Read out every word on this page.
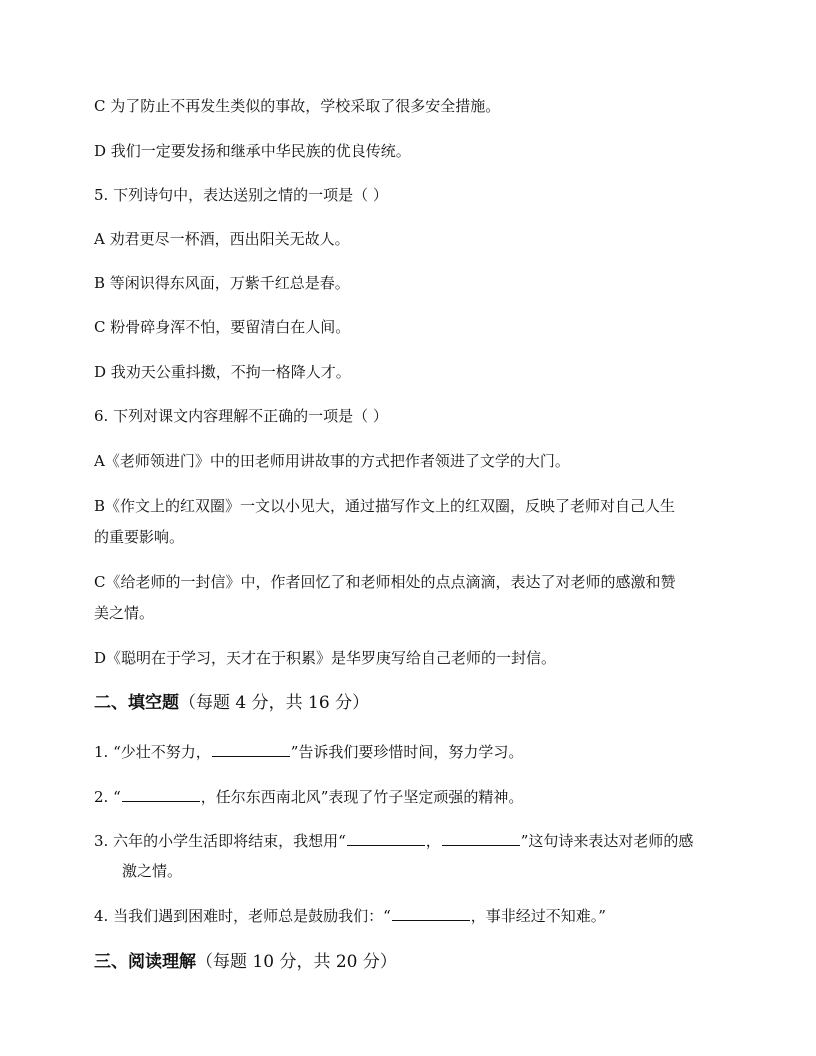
C 为了防止不再发生类似的事故，学校采取了很多安全措施。
D 我们一定要发扬和继承中华民族的优良传统。
5. 下列诗句中，表达送别之情的一项是（ ）
A 劝君更尽一杯酒，西出阳关无故人。
B 等闲识得东风面，万紫千红总是春。
C 粉骨碎身浑不怕，要留清白在人间。
D 我劝天公重抖擞，不拘一格降人才。
6. 下列对课文内容理解不正确的一项是（ ）
A《老师领进门》中的田老师用讲故事的方式把作者领进了文学的大门。
B《作文上的红双圈》一文以小见大，通过描写作文上的红双圈，反映了老师对自己人生
的重要影响。
C《给老师的一封信》中，作者回忆了和老师相处的点点滴滴，表达了对老师的感激和赞
美之情。
D《聪明在于学习，天才在于积累》是华罗庚写给自己老师的一封信。
二、填空题（每题 4 分，共 16 分）
1. “少壮不努力，	”告诉我们要珍惜时间，努力学习。
2. “	，任尔东西南北风”表现了竹子坚定顽强的精神。
3. 六年的小学生活即将结束，我想用“	，	”这句诗来表达对老师的感
激之情。
4. 当我们遇到困难时，老师总是鼓励我们：“	，事非经过不知难。”
三、阅读理解（每题 10 分，共 20 分）
